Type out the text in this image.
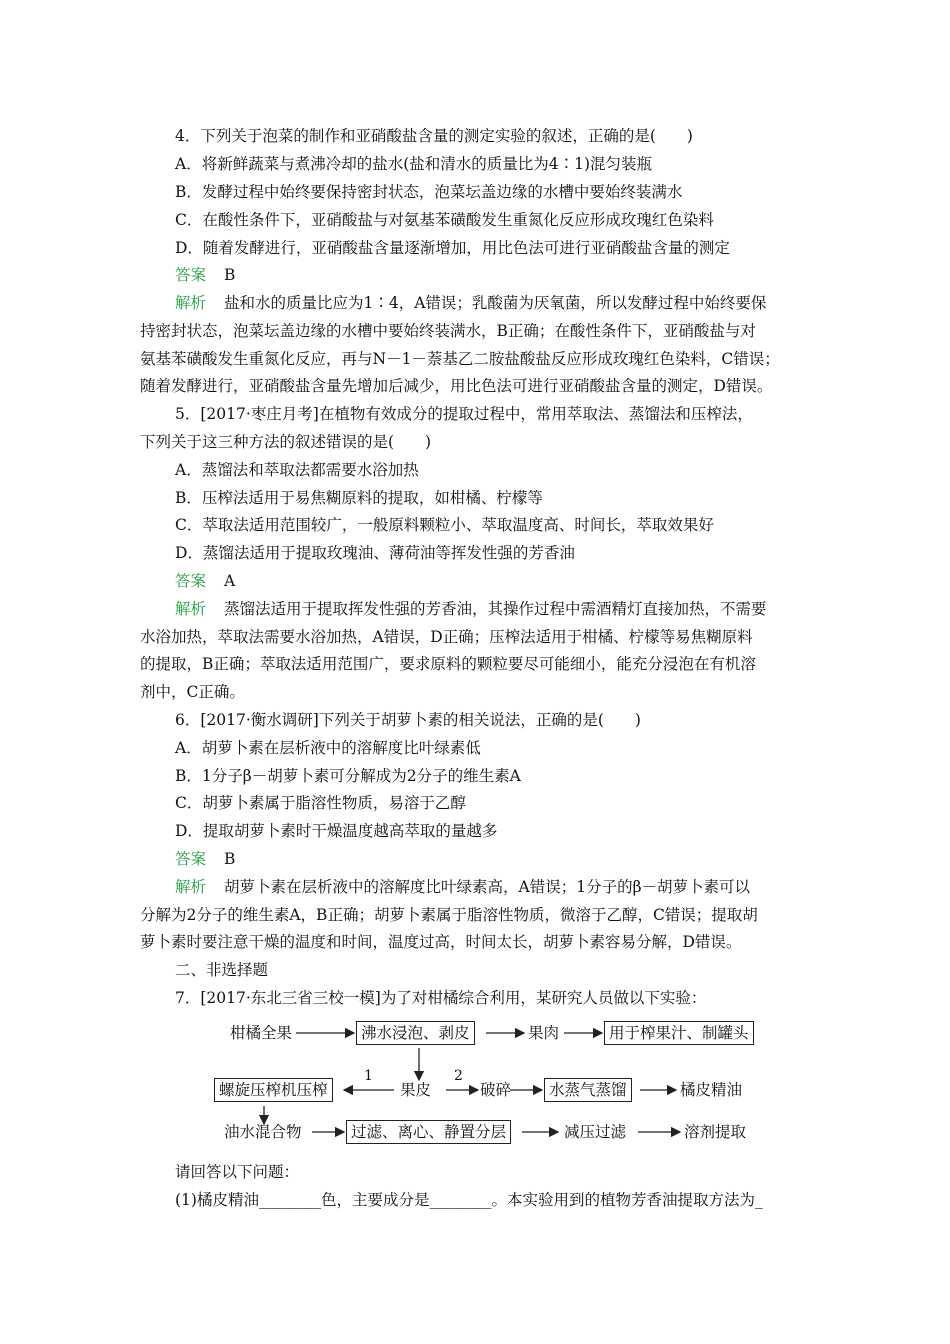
4．下列关于泡菜的制作和亚硝酸盐含量的测定实验的叙述，正确的是(　　)
A．将新鲜蔬菜与煮沸冷却的盐水(盐和清水的质量比为4∶1)混匀装瓶
B．发酵过程中始终要保持密封状态，泡菜坛盖边缘的水槽中要始终装满水
C．在酸性条件下，亚硝酸盐与对氨基苯磺酸发生重氮化反应形成玫瑰红色染料
D．随着发酵进行，亚硝酸盐含量逐渐增加，用比色法可进行亚硝酸盐含量的测定
答案 B
解析 盐和水的质量比应为1∶4，A错误；乳酸菌为厌氧菌，所以发酵过程中始终要保
持密封状态，泡菜坛盖边缘的水槽中要始终装满水，B正确；在酸性条件下，亚硝酸盐与对
氨基苯磺酸发生重氮化反应，再与N－1－萘基乙二胺盐酸盐反应形成玫瑰红色染料，C错误；
随着发酵进行，亚硝酸盐含量先增加后减少，用比色法可进行亚硝酸盐含量的测定，D错误。
5．[2017·枣庄月考]在植物有效成分的提取过程中，常用萃取法、蒸馏法和压榨法，
下列关于这三种方法的叙述错误的是(　　)
A．蒸馏法和萃取法都需要水浴加热
B．压榨法适用于易焦糊原料的提取，如柑橘、柠檬等
C．萃取法适用范围较广，一般原料颗粒小、萃取温度高、时间长，萃取效果好
D．蒸馏法适用于提取玫瑰油、薄荷油等挥发性强的芳香油
答案 A
解析 蒸馏法适用于提取挥发性强的芳香油，其操作过程中需酒精灯直接加热，不需要
水浴加热，萃取法需要水浴加热，A错误，D正确；压榨法适用于柑橘、柠檬等易焦糊原料
的提取，B正确；萃取法适用范围广，要求原料的颗粒要尽可能细小，能充分浸泡在有机溶
剂中，C正确。
6．[2017·衡水调研]下列关于胡萝卜素的相关说法，正确的是(　　)
A．胡萝卜素在层析液中的溶解度比叶绿素低
B．1分子β－胡萝卜素可分解成为2分子的维生素A
C．胡萝卜素属于脂溶性物质，易溶于乙醇
D．提取胡萝卜素时干燥温度越高萃取的量越多
答案 B
解析 胡萝卜素在层析液中的溶解度比叶绿素高，A错误；1分子的β－胡萝卜素可以
分解为2分子的维生素A，B正确；胡萝卜素属于脂溶性物质，微溶于乙醇，C错误；提取胡
萝卜素时要注意干燥的温度和时间，温度过高，时间太长，胡萝卜素容易分解，D错误。
二、非选择题
7．[2017·东北三省三校一模]为了对柑橘综合利用，某研究人员做以下实验：
柑橘全果	沸水浸泡、剥皮	果肉	用于榨果汁、制罐头
螺旋压榨机压榨
1
果皮
2
破碎	水蒸气蒸馏	橘皮精油
油水混合物	过滤、离心、静置分层	减压过滤	溶剂提取
请回答以下问题：
(1)橘皮精油________色，主要成分是________。本实验用到的植物芳香油提取方法为_
